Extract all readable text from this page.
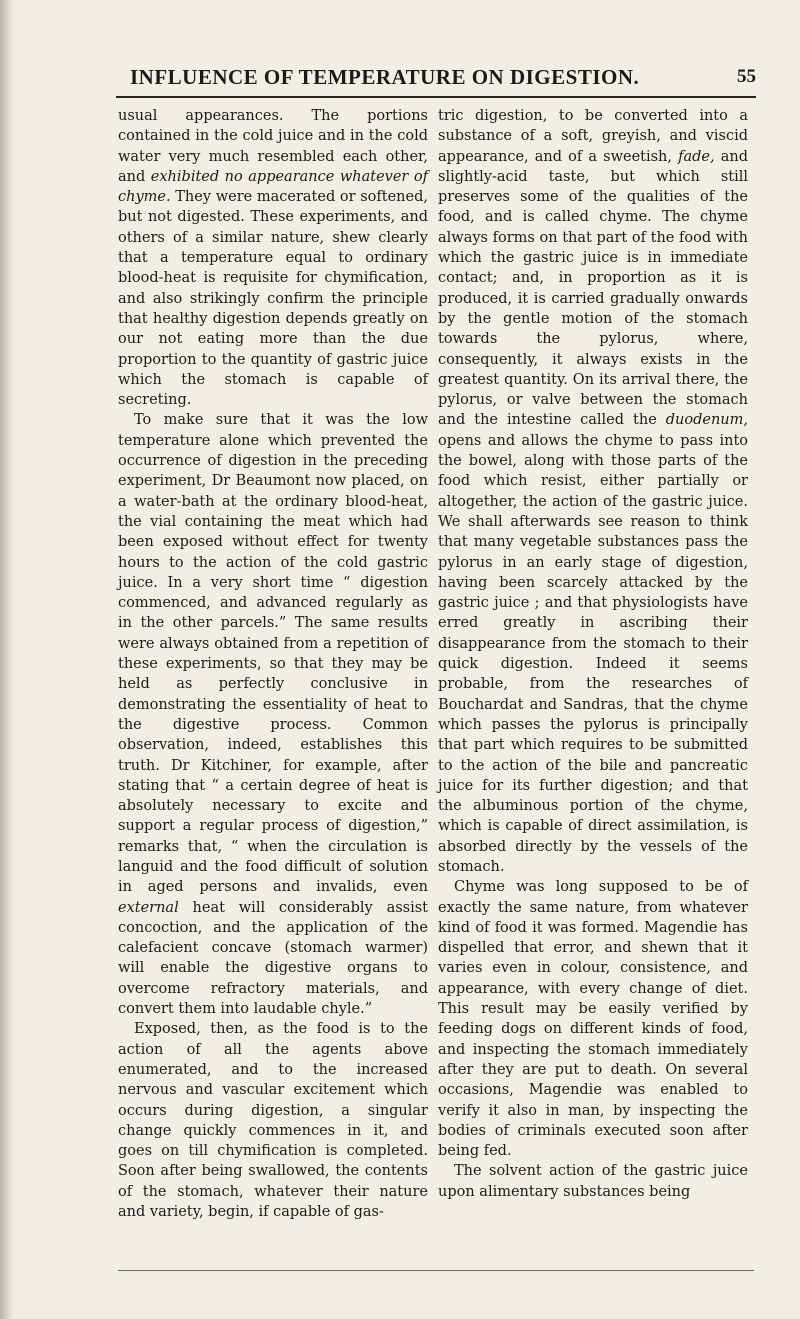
INFLUENCE OF TEMPERATURE ON DIGESTION.	55

usual appearances. The portions contained in the cold juice and in the cold water very much resembled each other, and exhibited no appearance whatever of chyme. They were macerated or softened, but not digested. These experiments, and others of a similar nature, shew clearly that a temperature equal to ordinary blood-heat is requisite for chymification, and also strikingly confirm the principle that healthy digestion depends greatly on our not eating more than the due proportion to the quantity of gastric juice which the stomach is capable of secreting.

To make sure that it was the low temperature alone which prevented the occurrence of digestion in the preceding experiment, Dr Beaumont now placed, on a water-bath at the ordinary blood-heat, the vial containing the meat which had been exposed without effect for twenty hours to the action of the cold gastric juice. In a very short time “ digestion commenced, and advanced regularly as in the other parcels.” The same results were always obtained from a repetition of these experiments, so that they may be held as perfectly conclusive in demonstrating the essentiality of heat to the digestive process. Common observation, indeed, establishes this truth. Dr Kitchiner, for example, after stating that “ a certain degree of heat is absolutely necessary to excite and support a regular process of digestion,” remarks that, “ when the circulation is languid and the food difficult of solution in aged persons and invalids, even external heat will considerably assist concoction, and the application of the calefacient concave (stomach warmer) will enable the digestive organs to overcome refractory materials, and convert them into laudable chyle.”

Exposed, then, as the food is to the action of all the agents above enumerated, and to the increased nervous and vascular excitement which occurs during digestion, a singular change quickly commences in it, and goes on till chymification is completed. Soon after being swallowed, the contents of the stomach, whatever their nature and variety, begin, if capable of gas-

tric digestion, to be converted into a substance of a soft, greyish, and viscid appearance, and of a sweetish, fade, and slightly-acid taste, but which still preserves some of the qualities of the food, and is called chyme. The chyme always forms on that part of the food with which the gastric juice is in immediate contact; and, in proportion as it is produced, it is carried gradually onwards by the gentle motion of the stomach towards the pylorus, where, consequently, it always exists in the greatest quantity. On its arrival there, the pylorus, or valve between the stomach and the intestine called the duodenum, opens and allows the chyme to pass into the bowel, along with those parts of the food which resist, either partially or altogether, the action of the gastric juice. We shall afterwards see reason to think that many vegetable substances pass the pylorus in an early stage of digestion, having been scarcely attacked by the gastric juice ; and that physiologists have erred greatly in ascribing their disappearance from the stomach to their quick digestion. Indeed it seems probable, from the researches of Bouchardat and Sandras, that the chyme which passes the pylorus is principally that part which requires to be submitted to the action of the bile and pancreatic juice for its further digestion; and that the albuminous portion of the chyme, which is capable of direct assimilation, is absorbed directly by the vessels of the stomach.

Chyme was long supposed to be of exactly the same nature, from whatever kind of food it was formed. Magendie has dispelled that error, and shewn that it varies even in colour, consistence, and appearance, with every change of diet. This result may be easily verified by feeding dogs on different kinds of food, and inspecting the stomach immediately after they are put to death. On several occasions, Magendie was enabled to verify it also in man, by inspecting the bodies of criminals executed soon after being fed.

The solvent action of the gastric juice upon alimentary substances being
